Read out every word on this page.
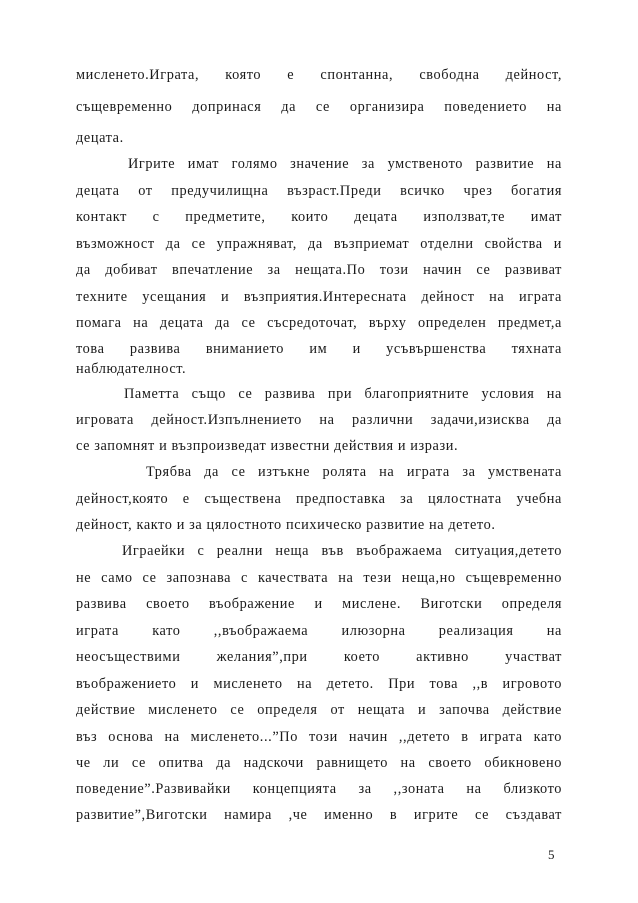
мисленето.Играта, която е спонтанна, свободна дейност,
същевременно допринася да се организира поведението на
децата.
Игрите имат голямо значение за умственото развитие на
децата от предучилищна възраст.Преди всичко чрез богатия
контакт с предметите, които децата използват,те имат
възможност да се упражняват, да възприемат отделни свойства и
да добиват впечатление за нещата.По този начин се развиват
техните усещания и възприятия.Интересната дейност на играта
помага на децата да се съсредоточат, върху определен предмет,а
това развива вниманието им и усъвършенства тяхната
наблюдателност.
Паметта също се развива при благоприятните условия на
игровата дейност.Изпълнението на различни задачи,изисква да
се запомнят и възпроизведат известни действия и изрази.
Трябва да се изтъкне ролята на играта за умствената
дейност,която е съществена предпоставка за цялостната учебна
дейност, както и за цялостното психическо развитие на детето.
Играейки с реални неща във въображаема ситуация,детето
не само се запознава с качествата на тези неща,но същевременно
развива своето въображение и мислене. Виготски определя
играта като ,,въображаема илюзорна реализация на
неосъществими желания”,при което активно участват
въображението и мисленето на детето. При това ,,в игровото
действие мисленето се определя от нещата и започва действие
въз основа на мисленето...”По този начин ,,детето в играта като
че ли се опитва да надскочи равнището на своето обикновено
поведение”.Развивайки концепцията за ,,зоната на близкото
развитие”,Виготски намира ,че именно в игрите се създават
5
